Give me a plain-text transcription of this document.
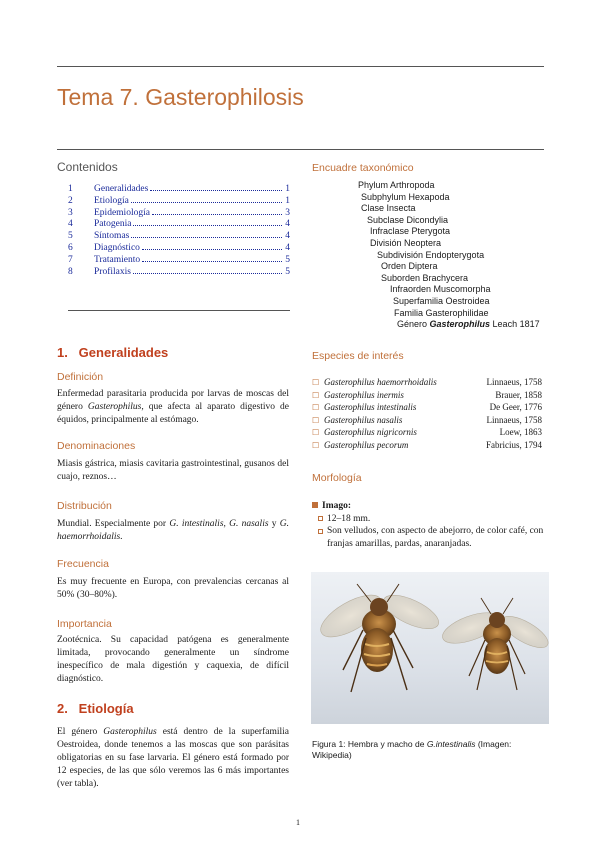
Tema 7. Gasterophilosis
Contenidos
1	Generalidades	1
2	Etiología	1
3	Epidemiología	3
4	Patogenia	4
5	Síntomas	4
6	Diagnóstico	4
7	Tratamiento	5
8	Profilaxis	5
1.   Generalidades
Definición

Enfermedad parasitaria producida por larvas de moscas del género Gasterophilus, que afecta al aparato digestivo de équidos, principalmente al estómago.

Denominaciones

Miasis gástrica, miasis cavitaria gastrointestinal, gusanos del cuajo, reznos…

Distribución

Mundial. Especialmente por G. intestinalis, G. nasalis y G. haemorrhoidalis.

Frecuencia

Es muy frecuente en Europa, con prevalencias cercanas al 50% (30–80%).

Importancia

Zootécnica. Su capacidad patógena es generalmente limitada, provocando generalmente un síndrome inespecífico de mala digestión y caquexia, de difícil diagnóstico.

2.   Etiología

El género Gasterophilus está dentro de la superfamilia Oestroidea, donde tenemos a las moscas que son parásitas obligatorias en su fase larvaria. El género está formado por 12 especies, de las que sólo veremos las 6 más importantes (ver tabla).

Encuadre taxonómico
Phylum Arthropoda
Subphylum Hexapoda
Clase Insecta
Subclase Dicondylia
Infraclase Pterygota
División Neoptera
Subdivisión Endopterygota
Orden Diptera
Suborden Brachycera
Infraorden Muscomorpha
Superfamilia Oestroidea
Familia Gasterophilidae
Género Gasterophilus Leach 1817
Especies de interés
☐ Gasterophilus haemorrhoidalis	Linnaeus, 1758
☐ Gasterophilus inermis	Brauer, 1858
☐ Gasterophilus intestinalis	De Geer, 1776
☐ Gasterophilus nasalis	Linnaeus, 1758
☐ Gasterophilus nigricornis	Loew, 1863
☐ Gasterophilus pecorum	Fabricius, 1794
Morfología
Imago:
12–18 mm.
Son velludos, con aspecto de abejorro, de color café, con franjas amarillas, pardas, anaranjadas.

Figura 1: Hembra y macho de G.intestinalis (Imagen: Wikipedia)

1
